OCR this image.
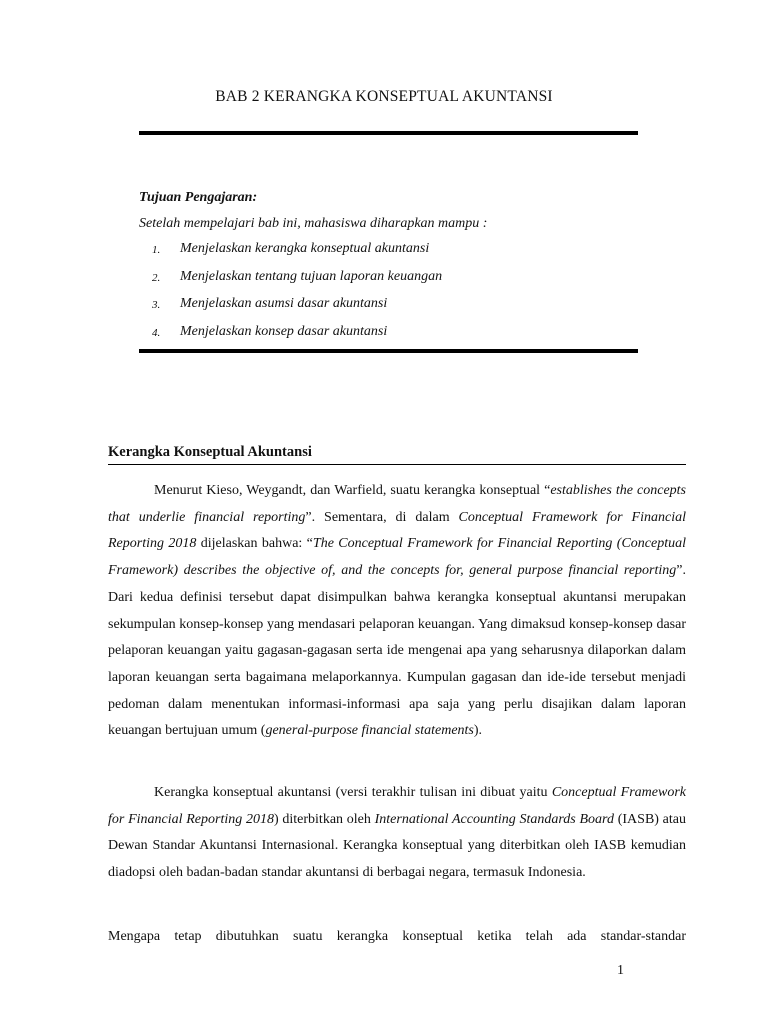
BAB 2 KERANGKA KONSEPTUAL AKUNTANSI
Tujuan Pengajaran:
Setelah mempelajari bab ini, mahasiswa diharapkan mampu :
1.	Menjelaskan kerangka konseptual akuntansi
2.	Menjelaskan tentang tujuan laporan keuangan
3.	Menjelaskan asumsi dasar akuntansi
4.	Menjelaskan konsep dasar akuntansi
Kerangka Konseptual Akuntansi

Menurut Kieso, Weygandt, dan Warfield, suatu kerangka konseptual “establishes the concepts that underlie financial reporting”. Sementara, di dalam Conceptual Framework for Financial Reporting 2018 dijelaskan bahwa: “The Conceptual Framework for Financial Reporting (Conceptual Framework) describes the objective of, and the concepts for, general purpose financial reporting”. Dari kedua definisi tersebut dapat disimpulkan bahwa kerangka konseptual akuntansi merupakan sekumpulan konsep-konsep yang mendasari pelaporan keuangan. Yang dimaksud konsep-konsep dasar pelaporan keuangan yaitu gagasan-gagasan serta ide mengenai apa yang seharusnya dilaporkan dalam laporan keuangan serta bagaimana melaporkannya. Kumpulan gagasan dan ide-ide tersebut menjadi pedoman dalam menentukan informasi-informasi apa saja yang perlu disajikan dalam laporan keuangan bertujuan umum (general-purpose financial statements).

Kerangka konseptual akuntansi (versi terakhir tulisan ini dibuat yaitu Conceptual Framework for Financial Reporting 2018) diterbitkan oleh International Accounting Standards Board (IASB) atau Dewan Standar Akuntansi Internasional. Kerangka konseptual yang diterbitkan oleh IASB kemudian diadopsi oleh badan-badan standar akuntansi di berbagai negara, termasuk Indonesia.

Mengapa tetap dibutuhkan suatu kerangka konseptual ketika telah ada standar-standar

1
